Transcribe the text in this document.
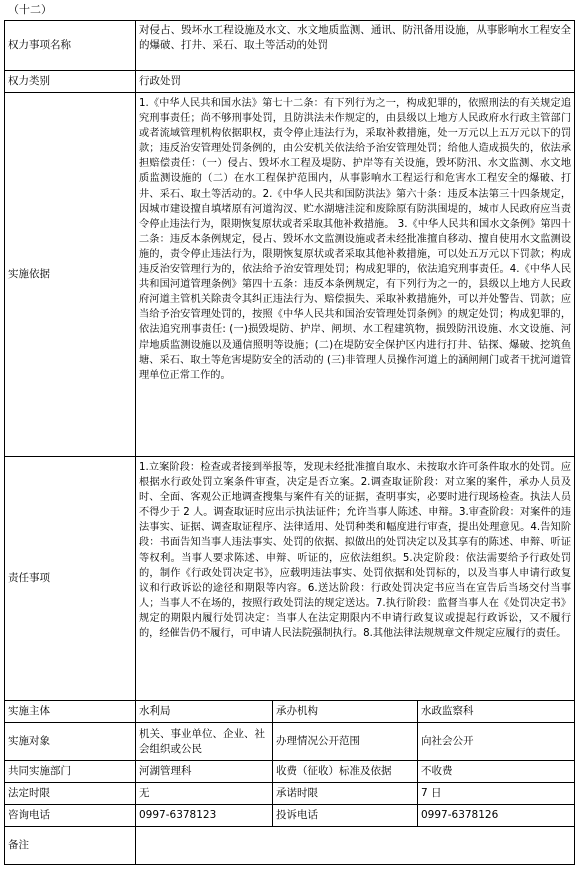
（十二）
权力事项名称	对侵占、毁坏水工程设施及水文、水文地质监测、通讯、防汛备用设施，从事影响水工程安全的爆破、打井、采石、取土等活动的处罚		
权力类别	行政处罚		
实施依据	1.《中华人民共和国水法》第七十二条：有下列行为之一，构成犯罪的，依照刑法的有关规定追究刑事责任；尚不够刑事处罚，且防洪法未作规定的，由县级以上地方人民政府水行政主管部门或者流域管理机构依据职权，责令停止违法行为，采取补救措施，处一万元以上五万元以下的罚款；违反治安管理处罚条例的，由公安机关依法给予治安管理处罚；给他人造成损失的，依法承担赔偿责任：（一）侵占、毁坏水工程及堤防、护岸等有关设施，毁坏防汛、水文监测、水文地质监测设施的（二）在水工程保护范围内，从事影响水工程运行和危害水工程安全的爆破、打井、采石、取土等活动的。2.《中华人民共和国防洪法》第六十条：违反本法第三十四条规定，因城市建设擅自填堵原有河道沟汊、贮水湖塘洼淀和废除原有防洪围堤的，城市人民政府应当责令停止违法行为，限期恢复原状或者采取其他补救措施。 3.《中华人民共和国水文条例》第四十二条：违反本条例规定，侵占、毁坏水文监测设施或者未经批准擅自移动、擅自使用水文监测设施的，责令停止违法行为，限期恢复原状或者采取其他补救措施，可以处五万元以下罚款；构成违反治安管理行为的，依法给予治安管理处罚；构成犯罪的，依法追究刑事责任。4.《中华人民共和国河道管理条例》第四十五条：违反本条例规定，有下列行为之一的，县级以上地方人民政府河道主管机关除责令其纠正违法行为、赔偿损失、采取补救措施外，可以并处警告、罚款；应当给予治安管理处罚的，按照《中华人民共和国治安管理处罚条例》的规定处罚；构成犯罪的，依法追究刑事责任: (一)损毁堤防、护岸、闸坝、水工程建筑物，损毁防汛设施、水文设施、河岸地质监测设施以及通信照明等设施；(二)在堤防安全保护区内进行打井、钻探、爆破、挖筑鱼塘、采石、取土等危害堤防安全的活动的 (三)非管理人员操作河道上的涵闸闸门或者干扰河道管理单位正常工作的。		
责任事项	1.立案阶段：检查或者接到举报等，发现未经批准擅自取水、未按取水许可条件取水的处罚。应根据水行政处罚立案条件审查，决定是否立案。2.调查取证阶段：对立案的案件，承办人员及时、全面、客观公正地调查搜集与案件有关的证据，查明事实，必要时进行现场检查。执法人员不得少于 2 人。调查取证时应出示执法证件；允许当事人陈述、申辩。3.审查阶段：对案件的违法事实、证据、调查取证程序、法律适用、处罚种类和幅度进行审查，提出处理意见。4.告知阶段：书面告知当事人违法事实、处罚的依据、拟做出的处罚决定以及其享有的陈述、申辩、听证等权利。当事人要求陈述、申辩、听证的，应依法组织。5.决定阶段：依法需要给予行政处罚的，制作《行政处罚决定书》，应载明违法事实、处罚依据和处罚标的，以及当事人申请行政复议和行政诉讼的途径和期限等内容。6.送达阶段：行政处罚决定书应当在宣告后当场交付当事人；当事人不在场的，按照行政处罚法的规定送达。7.执行阶段：监督当事人在《处罚决定书》规定的期限内履行处罚决定：当事人在法定期限内不申请行政复议或提起行政诉讼，又不履行的，经催告仍不履行，可申请人民法院强制执行。8.其他法律法规规章文件规定应履行的责任。		
实施主体	水利局	承办机构	水政监察科
实施对象	机关、事业单位、企业、社会组织或公民	办理情况公开范围	向社会公开
共同实施部门	河湖管理科	收费（征收）标准及依据	不收费
法定时限	无	承诺时限	7 日
咨询电话	0997-6378123	投诉电话	0997-6378126
备注			
